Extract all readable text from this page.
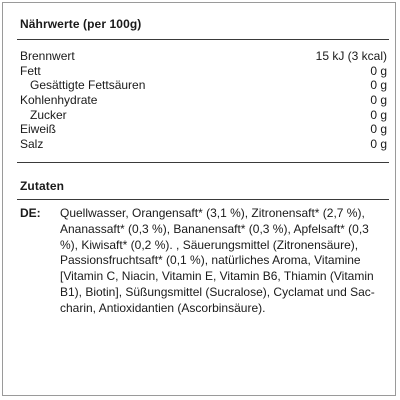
Nährwerte (per 100g)
Brennwert	15 kJ (3 kcal)
Fett	0 g
Gesättigte Fettsäuren	0 g
Kohlenhydrate	0 g
Zucker	0 g
Eiweiß	0 g
Salz	0 g
Zutaten
DE:	Quellwasser, Orangensaft* (3,1 %), Zitronensaft* (2,7 %),
Ananassaft* (0,3 %), Bananensaft* (0,3 %), Apfelsaft* (0,3
%), Kiwisaft* (0,2 %). , Säuerungsmittel (Zitronensäure),
Passionsfruchtsaft* (0,1 %), natürliches Aroma, Vitamine
[Vitamin C, Niacin, Vitamin E, Vitamin B6, Thiamin (Vitamin
B1), Biotin], Süßungsmittel (Sucralose), Cyclamat und Sac-
charin, Antioxidantien (Ascorbinsäure).
